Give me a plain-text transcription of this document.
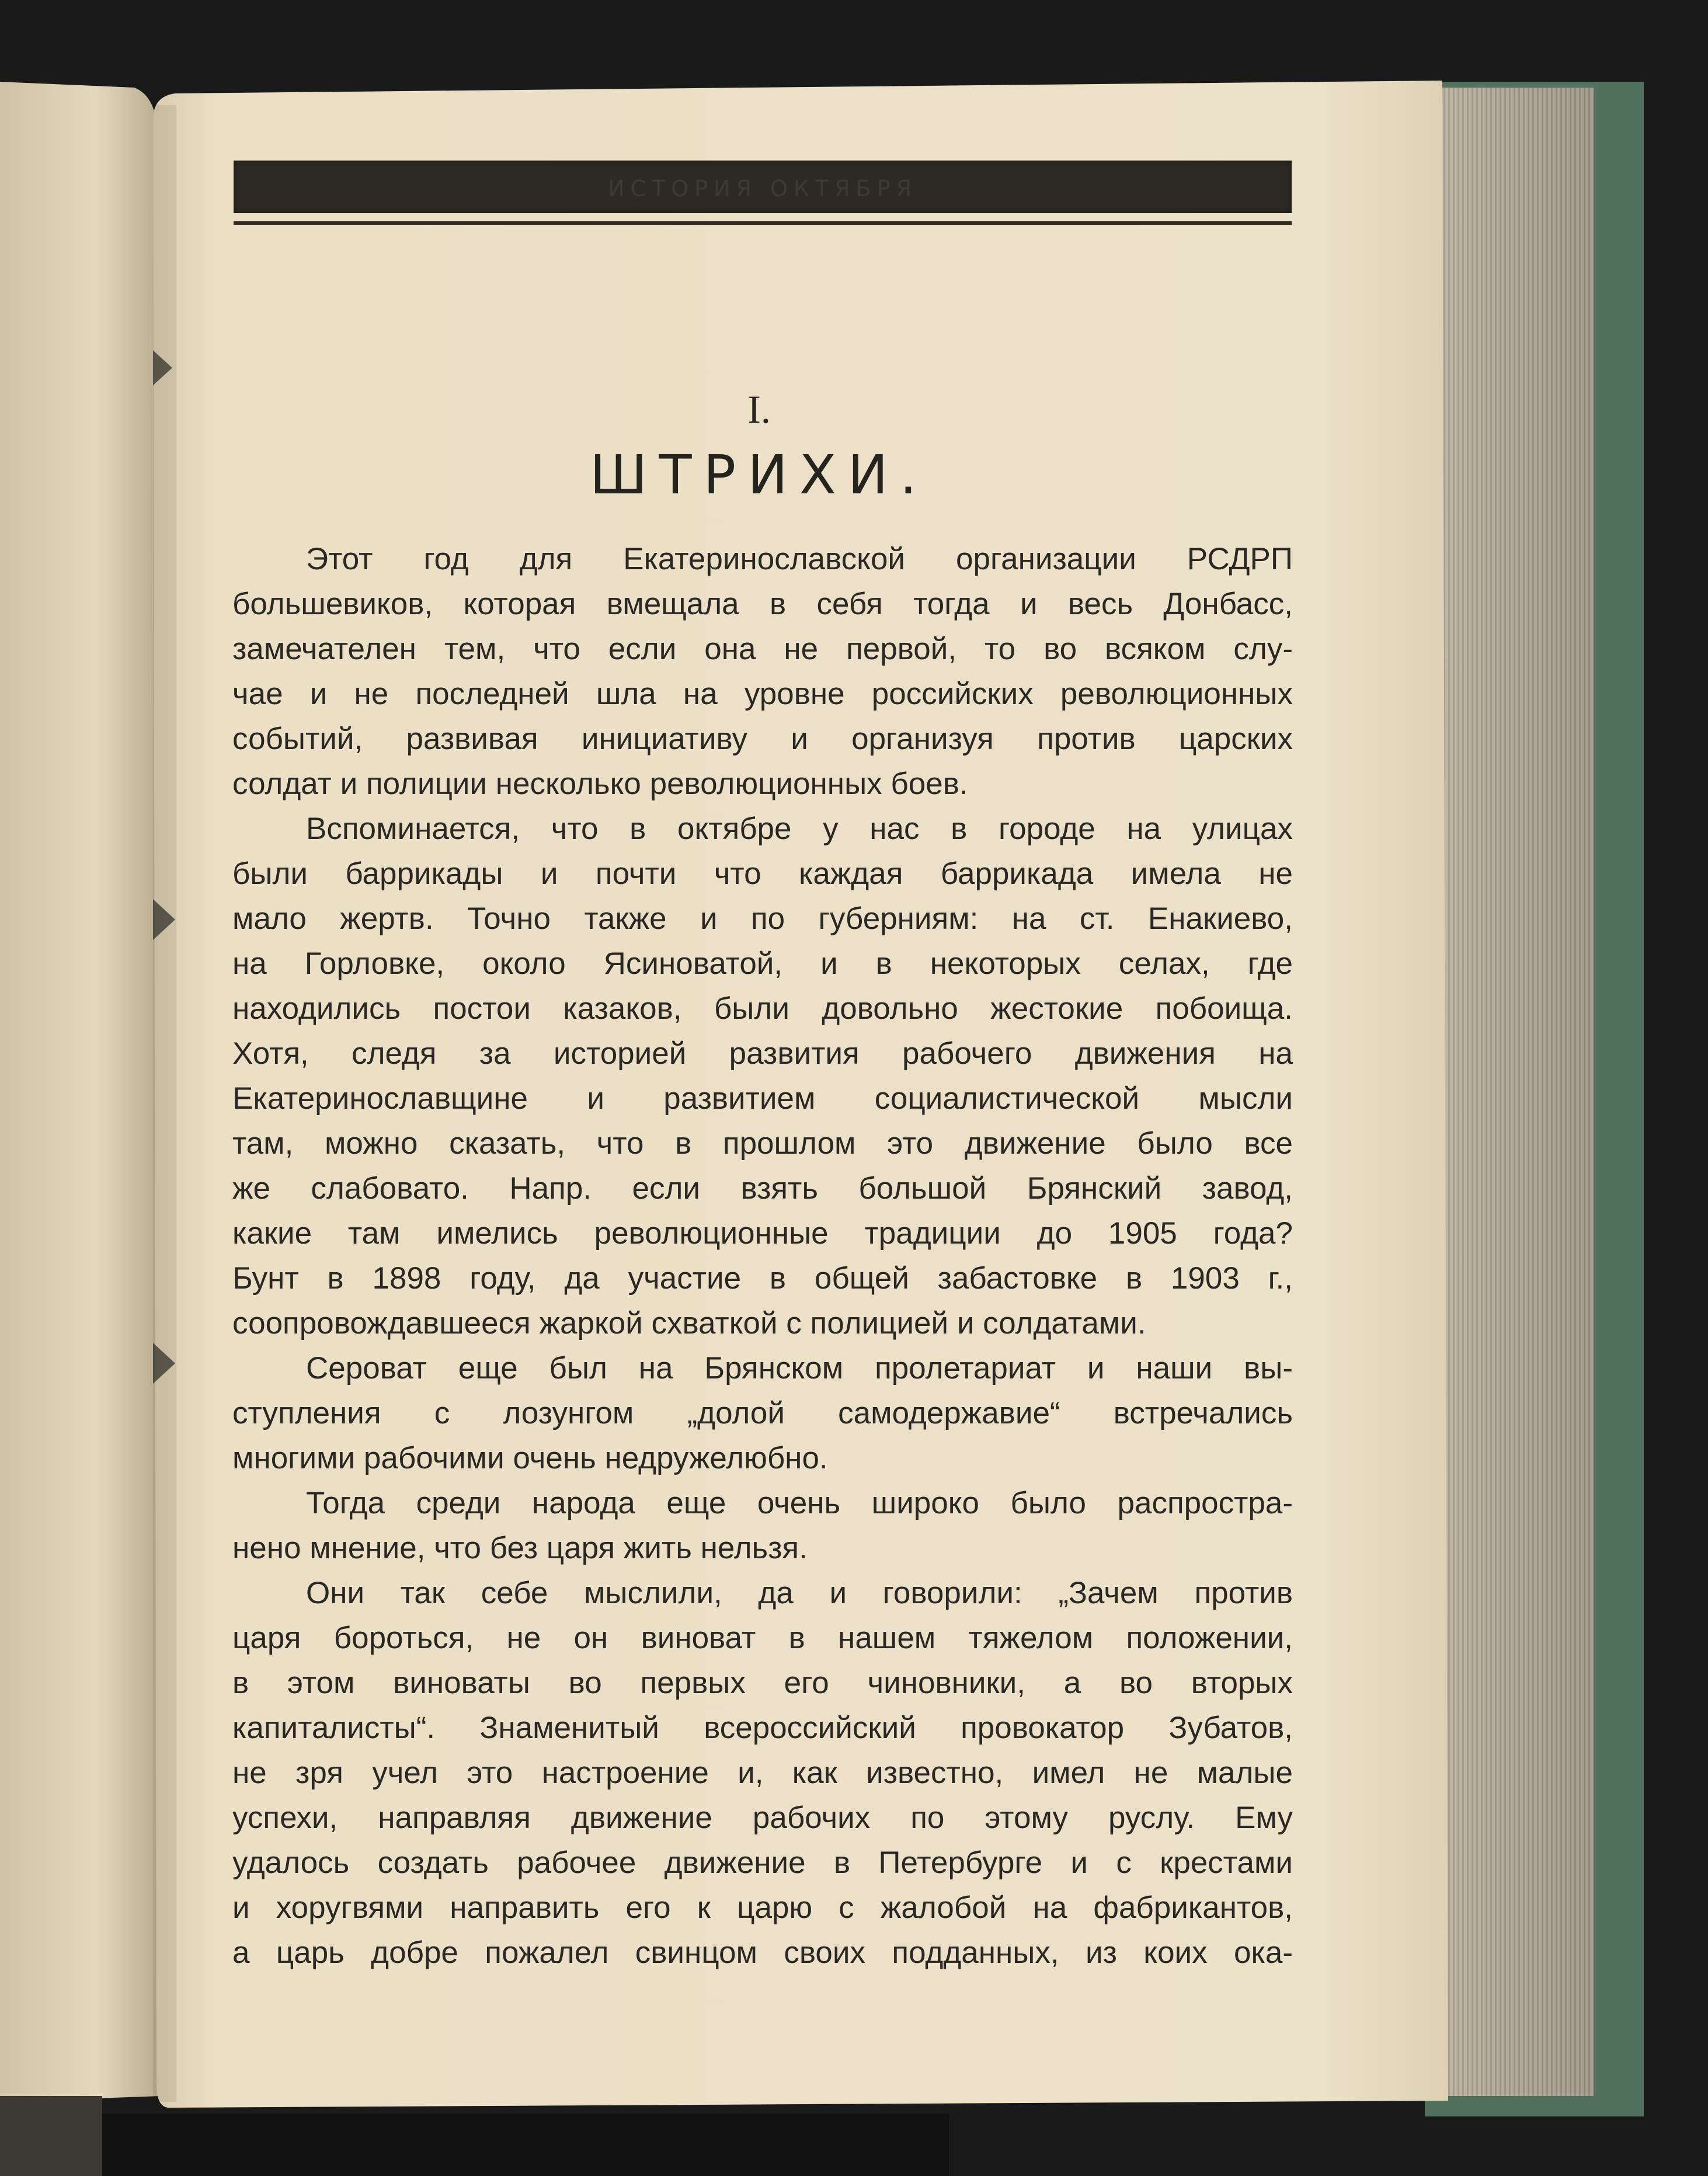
ИСТОРИЯ ОКТЯБРЯ
I.
ШТРИХИ.
Этот год для Екатеринославской организации РСДРП
большевиков, которая вмещала в себя тогда и весь Донбасс,
замечателен тем, что если она не первой, то во всяком слу-
чае и не последней шла на уровне российских революционных
событий, развивая инициативу и организуя против царских
солдат и полиции несколько революционных боев.
Вспоминается, что в октябре у нас в городе на улицах
были баррикады и почти что каждая баррикада имела не
мало жертв. Точно также и по губерниям: на ст. Енакиево,
на Горловке, около Ясиноватой, и в некоторых селах, где
находились постои казаков, были довольно жестокие побоища.
Хотя, следя за историей развития рабочего движения на
Екатеринославщине и развитием социалистической мысли
там, можно сказать, что в прошлом это движение было все
же слабовато. Напр. если взять большой Брянский завод,
какие там имелись революционные традиции до 1905 года?
Бунт в 1898 году, да участие в общей забастовке в 1903 г.,
соопровождавшееся жаркой схваткой с полицией и солдатами.
Сероват еще был на Брянском пролетариат и наши вы-
ступления с лозунгом „долой самодержавие“ встречались
многими рабочими очень недружелюбно.
Тогда среди народа еще очень широко было распростра-
нено мнение, что без царя жить нельзя.
Они так себе мыслили, да и говорили: „Зачем против
царя бороться, не он виноват в нашем тяжелом положении,
в этом виноваты во первых его чиновники, а во вторых
капиталисты“. Знаменитый всероссийский провокатор Зубатов,
не зря учел это настроение и, как известно, имел не малые
успехи, направляя движение рабочих по этому руслу. Ему
удалось создать рабочее движение в Петербурге и с крестами
и хоругвями направить его к царю с жалобой на фабрикантов,
а царь добре пожалел свинцом своих подданных, из коих ока-
